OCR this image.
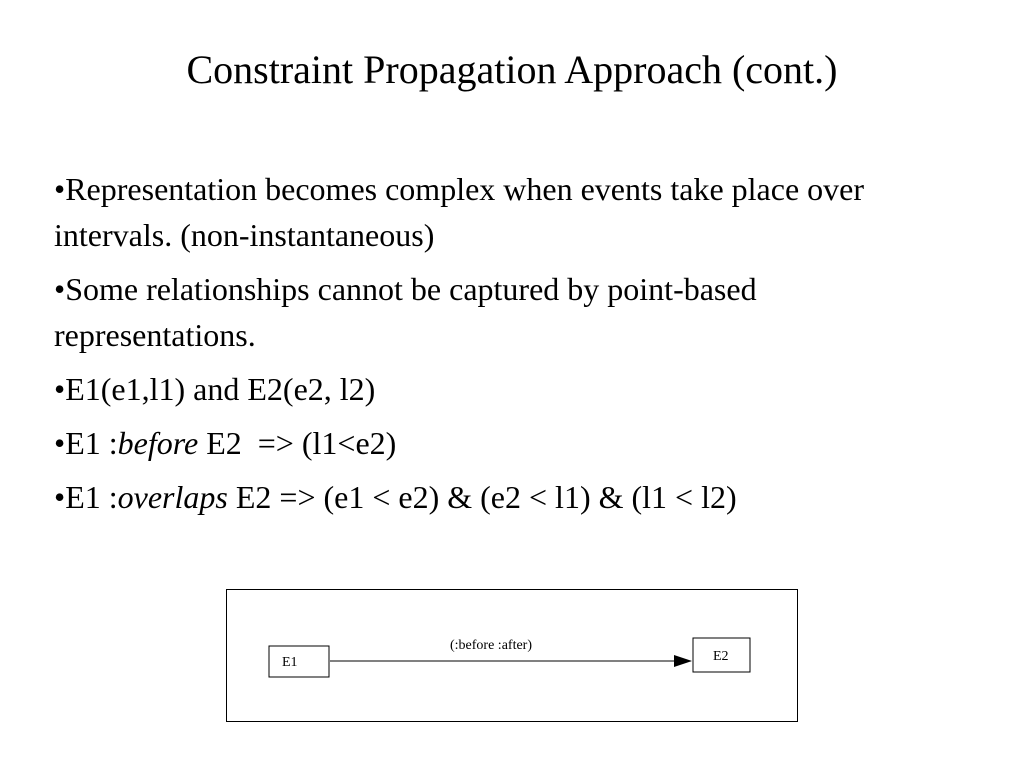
Constraint Propagation Approach (cont.)
•Representation becomes complex when events take place over intervals. (non-instantaneous)
•Some relationships cannot be captured by point-based representations.
•E1(e1,l1) and E2(e2, l2)
•E1 :before E2  => (l1<e2)
•E1 :overlaps E2 => (e1 < e2) & (e2 < l1) & (l1 < l2)
E1
(:before :after)
E2
